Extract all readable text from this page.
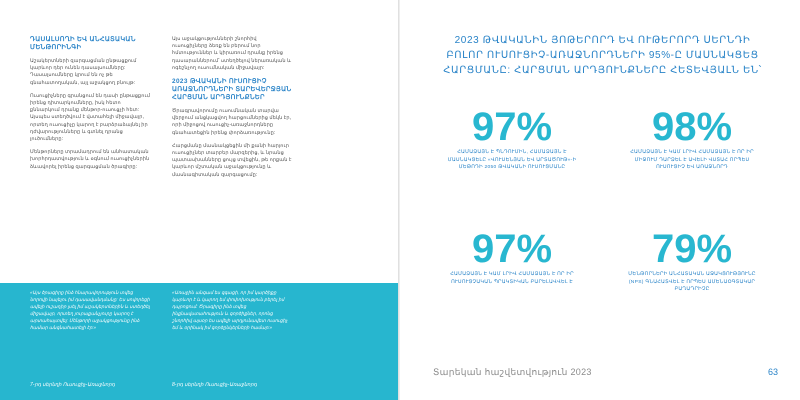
ԴԱՍԱԼՍՈՂԻ ԵՎ ԱՆՀԱՏԱԿԱՆ ՄԵՆԹՈՐԻՆԳԻ

Աշակերտների զարգացման ընթացքում կարևոր դեր ունեն դասալսումները: Դասալսումները կրում են ոչ թե գնահատողական, այլ աջակցող բնույթ:

Ուսուցիչները գրանցում են դասի ընթացքում իրենց դիտարկումները, իսկ հետո քննարկում դրանք մենթոր-ուսուցչի հետ: Այսպես ստեղծվում է վստահելի միջավայր, որտեղ ուսուցիչը կարող է բարձրաձայնել իր դժվարությունները և գտնել դրանց լուծումները:

Մենթորները տրամադրում են անհատական խորհրդատվություն և օգնում ուսուցիչներին ձևավորել իրենց զարգացման ծրագիրը:

Այս աջակցությունների շնորհիվ ուսուցիչները ձեռք են բերում նոր հմտություններ և կիրառում դրանք իրենց դասարաններում՝ ստեղծելով ներառական և ոգեշնչող ուսումնական միջավայր:

2023 ԹՎԱԿԱՆԻ ՈՒՍՈՒՑԻՉ ԱՌԱՋՆՈՐԴՆԵՐԻ ՏԱՐԵՎԵՐՋՅԱՆ ՀԱՐՑՄԱՆ ԱՐԴՅՈՒՆՔՆԵՐ

Ծրագրավորումը ուսումնական տարվա վերջում անցկացվող հարցումներից մեկն էր, որի միջոցով ուսուցիչ-առաջնորդները գնահատեցին իրենց փորձառությունը:

Հարցմանը մասնակցեցին մի քանի հարյուր ուսուցիչներ տարբեր մարզերից, և նրանց պատասխանները ցույց տվեցին, թե որքան է կարևոր մշտական աջակցությունը և մասնագիտական զարգացումը:

«Այս ծրագիրը ինձ հնարավորություն տվեց նորովի նայելու իմ դասավանդմանը: Ես սովորեցի ավելի ուշադիր լսել իմ աշակերտներին և ստեղծել միջավայր, որտեղ յուրաքանչյուրը կարող է արտահայտվել: Մենթորի աջակցությունը ինձ համար անգնահատելի էր:»
«Առաջին անգամ ես զգացի, որ իմ կարծիքը կարևոր է և կարող եմ փոփոխություն բերել իմ դպրոցում: Ծրագիրը ինձ տվեց ինքնավստահություն և գործիքներ, որոնց շնորհիվ այսօր ես ավելի արդյունավետ ուսուցիչ եմ և օրինակ իմ գործընկերների համար:»
7-րդ սերնդի Ուսուցիչ-Առաջնորդ	8-րդ սերնդի Ուսուցիչ-Առաջնորդ
2023 ԹՎԱԿԱՆԻՆ ՅՈԹԵՐՈՐԴ ԵՎ ՈՒԹԵՐՈՐԴ ՍԵՐՆԴԻ ԲՈԼՈՐ ՈՒՍՈՒՑԻՉ-ԱՌԱՋՆՈՐԴՆԵՐԻ 95%-Ը ՄԱՍՆԱԿՑԵՑ ՀԱՐՑՄԱՆԸ: ՀԱՐՑՄԱՆ ԱՐԴՅՈՒՆՔՆԵՐԸ ՀԵՏԵՎՅԱԼՆ ԵՆ՝
97%
ՀԱՄԱՁԱՅՆ Է ՊՆԴՈՒՄԻՆ, ՀԱՄԱՁԱՅՆ Է ՄԱՍՆԱԿՑԵԼԸ «ՎՈՒՍԵՆՅԱՆ ԵՎ ԱՐՏԱԾՈՒԹ»-Ի ՄԵԹՈԴԻ 2050 ԹՎԱԿԱՆԻ ՈՒՍՈՒՑՄԱՆԸ
98%
ՀԱՄԱՁԱՅՆ Է ԿԱՄ ԼՐԻՎ ՀԱՄԱՁԱՅՆ Է ՈՐ ԻՐ ՄԻՋՈՒՄ ԴԱՐՁԵԼ Է ԱՎԵԼԻ ՎՍՏԱՀ ՈՐՊԵՍ ՈՒՍՈՒՑԻՉ ԵՎ ԱՌԱՋՆՈՐԴ
97%
ՀԱՄԱՁԱՅՆ Է ԿԱՄ ԼՐԻՎ ՀԱՄԱՁԱՅՆ Է ՈՐ ԻՐ ՈՒՍՈՒՑՉԱԿԱՆ ՊՐԱԿՏԻԿԱՆ ԲԱՐԵԼԱՎՎԵԼ Է
79%
ՄԵՆԹՈՐՆԵՐԻ ԱՆՀԱՏԱԿԱՆ ԱՋԱԿՑՈՒԹՅՈՒՆԸ (NPS) ԳՆԱՀԱՏՎԵԼ Է ՈՐՊԵՍ ԱՄԵՆԱՕԳՏԱԿԱՐ ԲԱՂԱԴՐԻՉԸ
Տարեկան հաշվետվություն 2023	63
